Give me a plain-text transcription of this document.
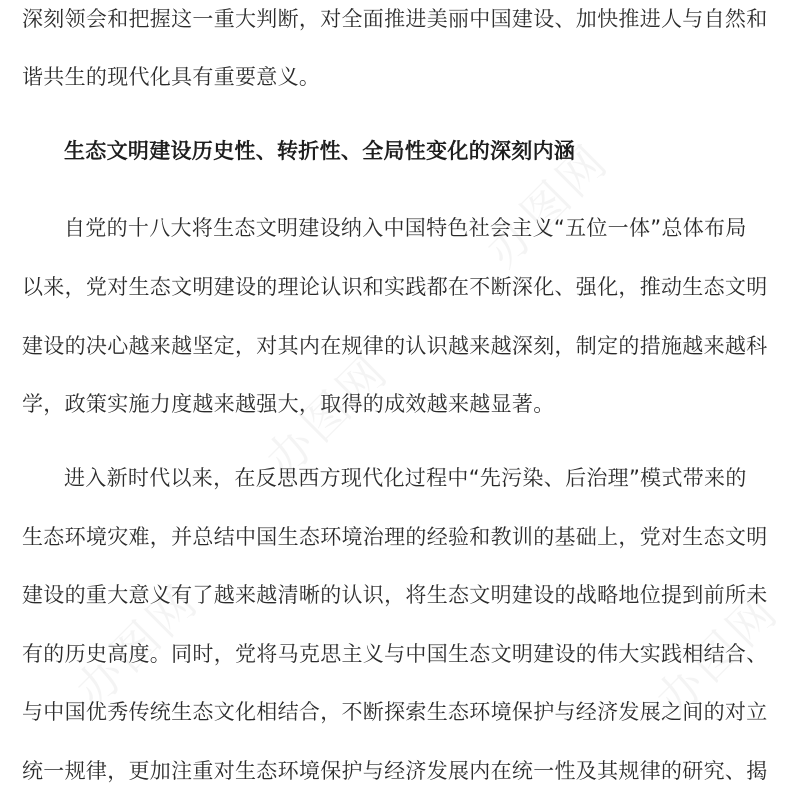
深刻领会和把握这一重大判断，对全面推进美丽中国建设、加快推进人与自然和
谐共生的现代化具有重要意义。
生态文明建设历史性、转折性、全局性变化的深刻内涵
自党的十八大将生态文明建设纳入中国特色社会主义“五位一体”总体布局
以来，党对生态文明建设的理论认识和实践都在不断深化、强化，推动生态文明
建设的决心越来越坚定，对其内在规律的认识越来越深刻，制定的措施越来越科
学，政策实施力度越来越强大，取得的成效越来越显著。
进入新时代以来，在反思西方现代化过程中“先污染、后治理”模式带来的
生态环境灾难，并总结中国生态环境治理的经验和教训的基础上，党对生态文明
建设的重大意义有了越来越清晰的认识，将生态文明建设的战略地位提到前所未
有的历史高度。同时，党将马克思主义与中国生态文明建设的伟大实践相结合、
与中国优秀传统生态文化相结合，不断探索生态环境保护与经济发展之间的对立
统一规律，更加注重对生态环境保护与经济发展内在统一性及其规律的研究、揭
